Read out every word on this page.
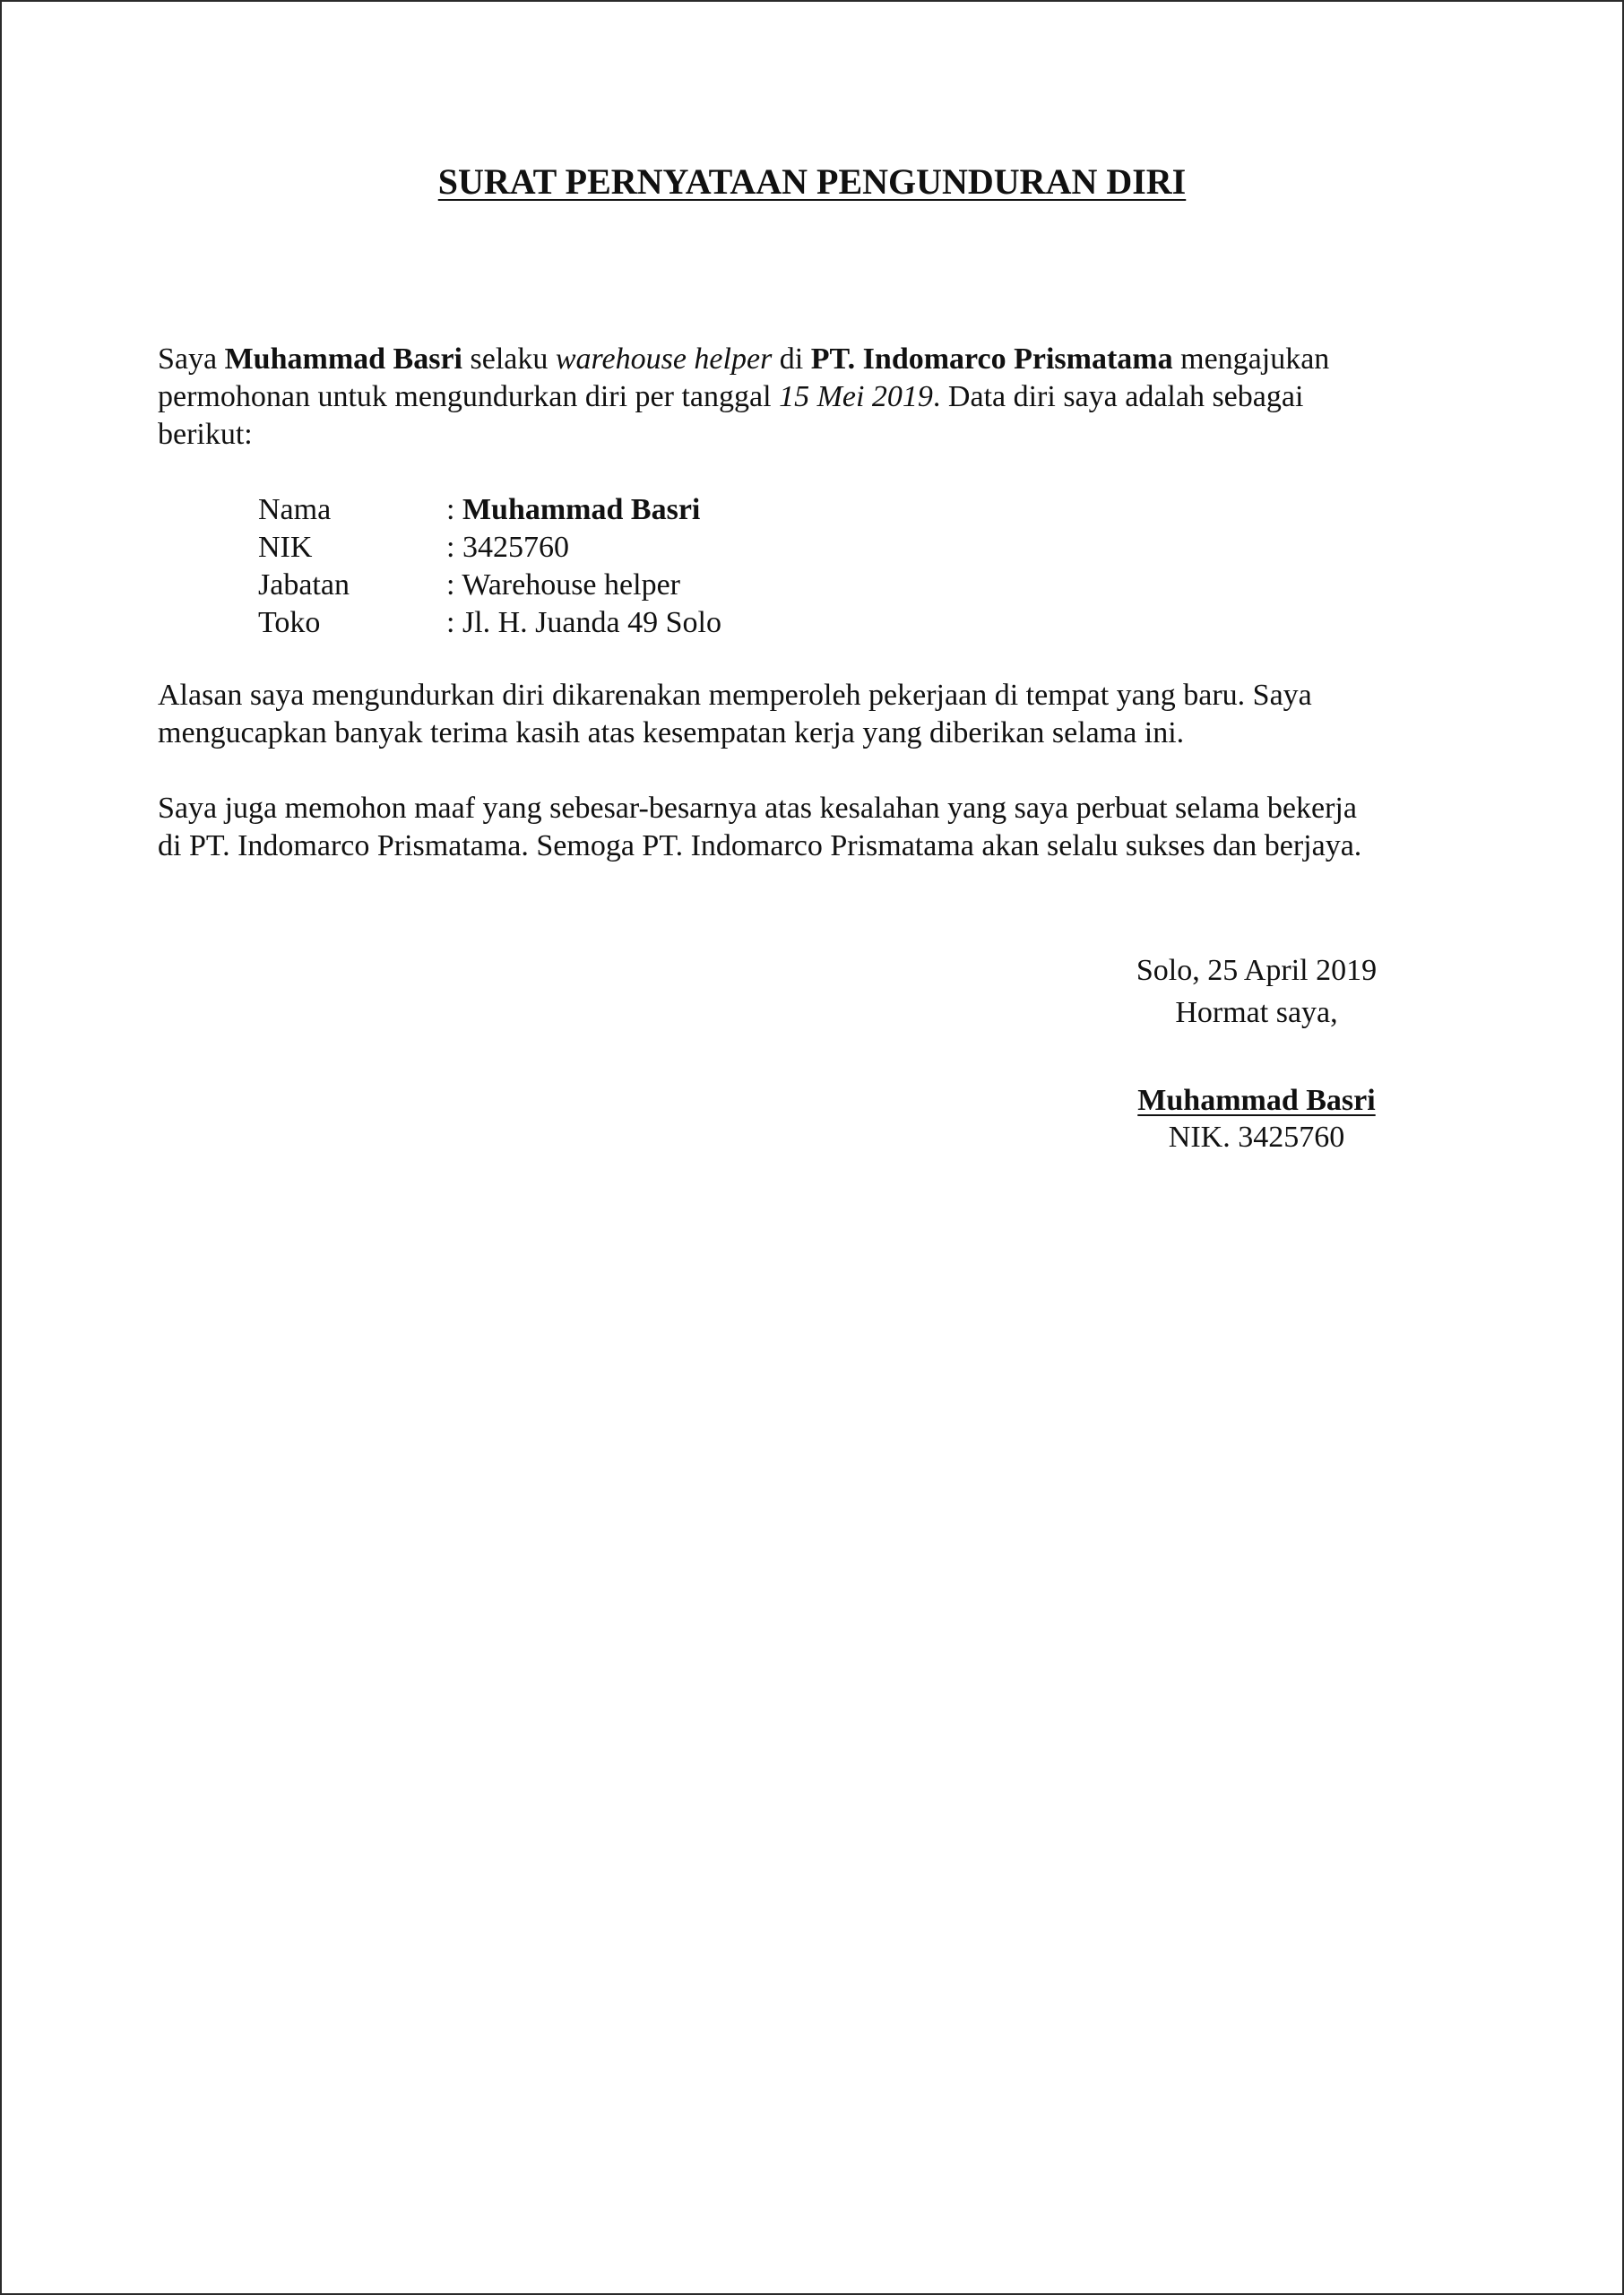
SURAT PERNYATAAN PENGUNDURAN DIRI

Saya Muhammad Basri selaku warehouse helper di PT. Indomarco Prismatama mengajukan
permohonan untuk mengundurkan diri per tanggal 15 Mei 2019. Data diri saya adalah sebagai
berikut:

Nama	: Muhammad Basri
NIK	: 3425760
Jabatan	: Warehouse helper
Toko	: Jl. H. Juanda 49 Solo

Alasan saya mengundurkan diri dikarenakan memperoleh pekerjaan di tempat yang baru. Saya
mengucapkan banyak terima kasih atas kesempatan kerja yang diberikan selama ini.

Saya juga memohon maaf yang sebesar-besarnya atas kesalahan yang saya perbuat selama bekerja
di PT. Indomarco Prismatama. Semoga PT. Indomarco Prismatama akan selalu sukses dan berjaya.

Solo, 25 April 2019
Hormat saya,
Muhammad Basri
NIK. 3425760
